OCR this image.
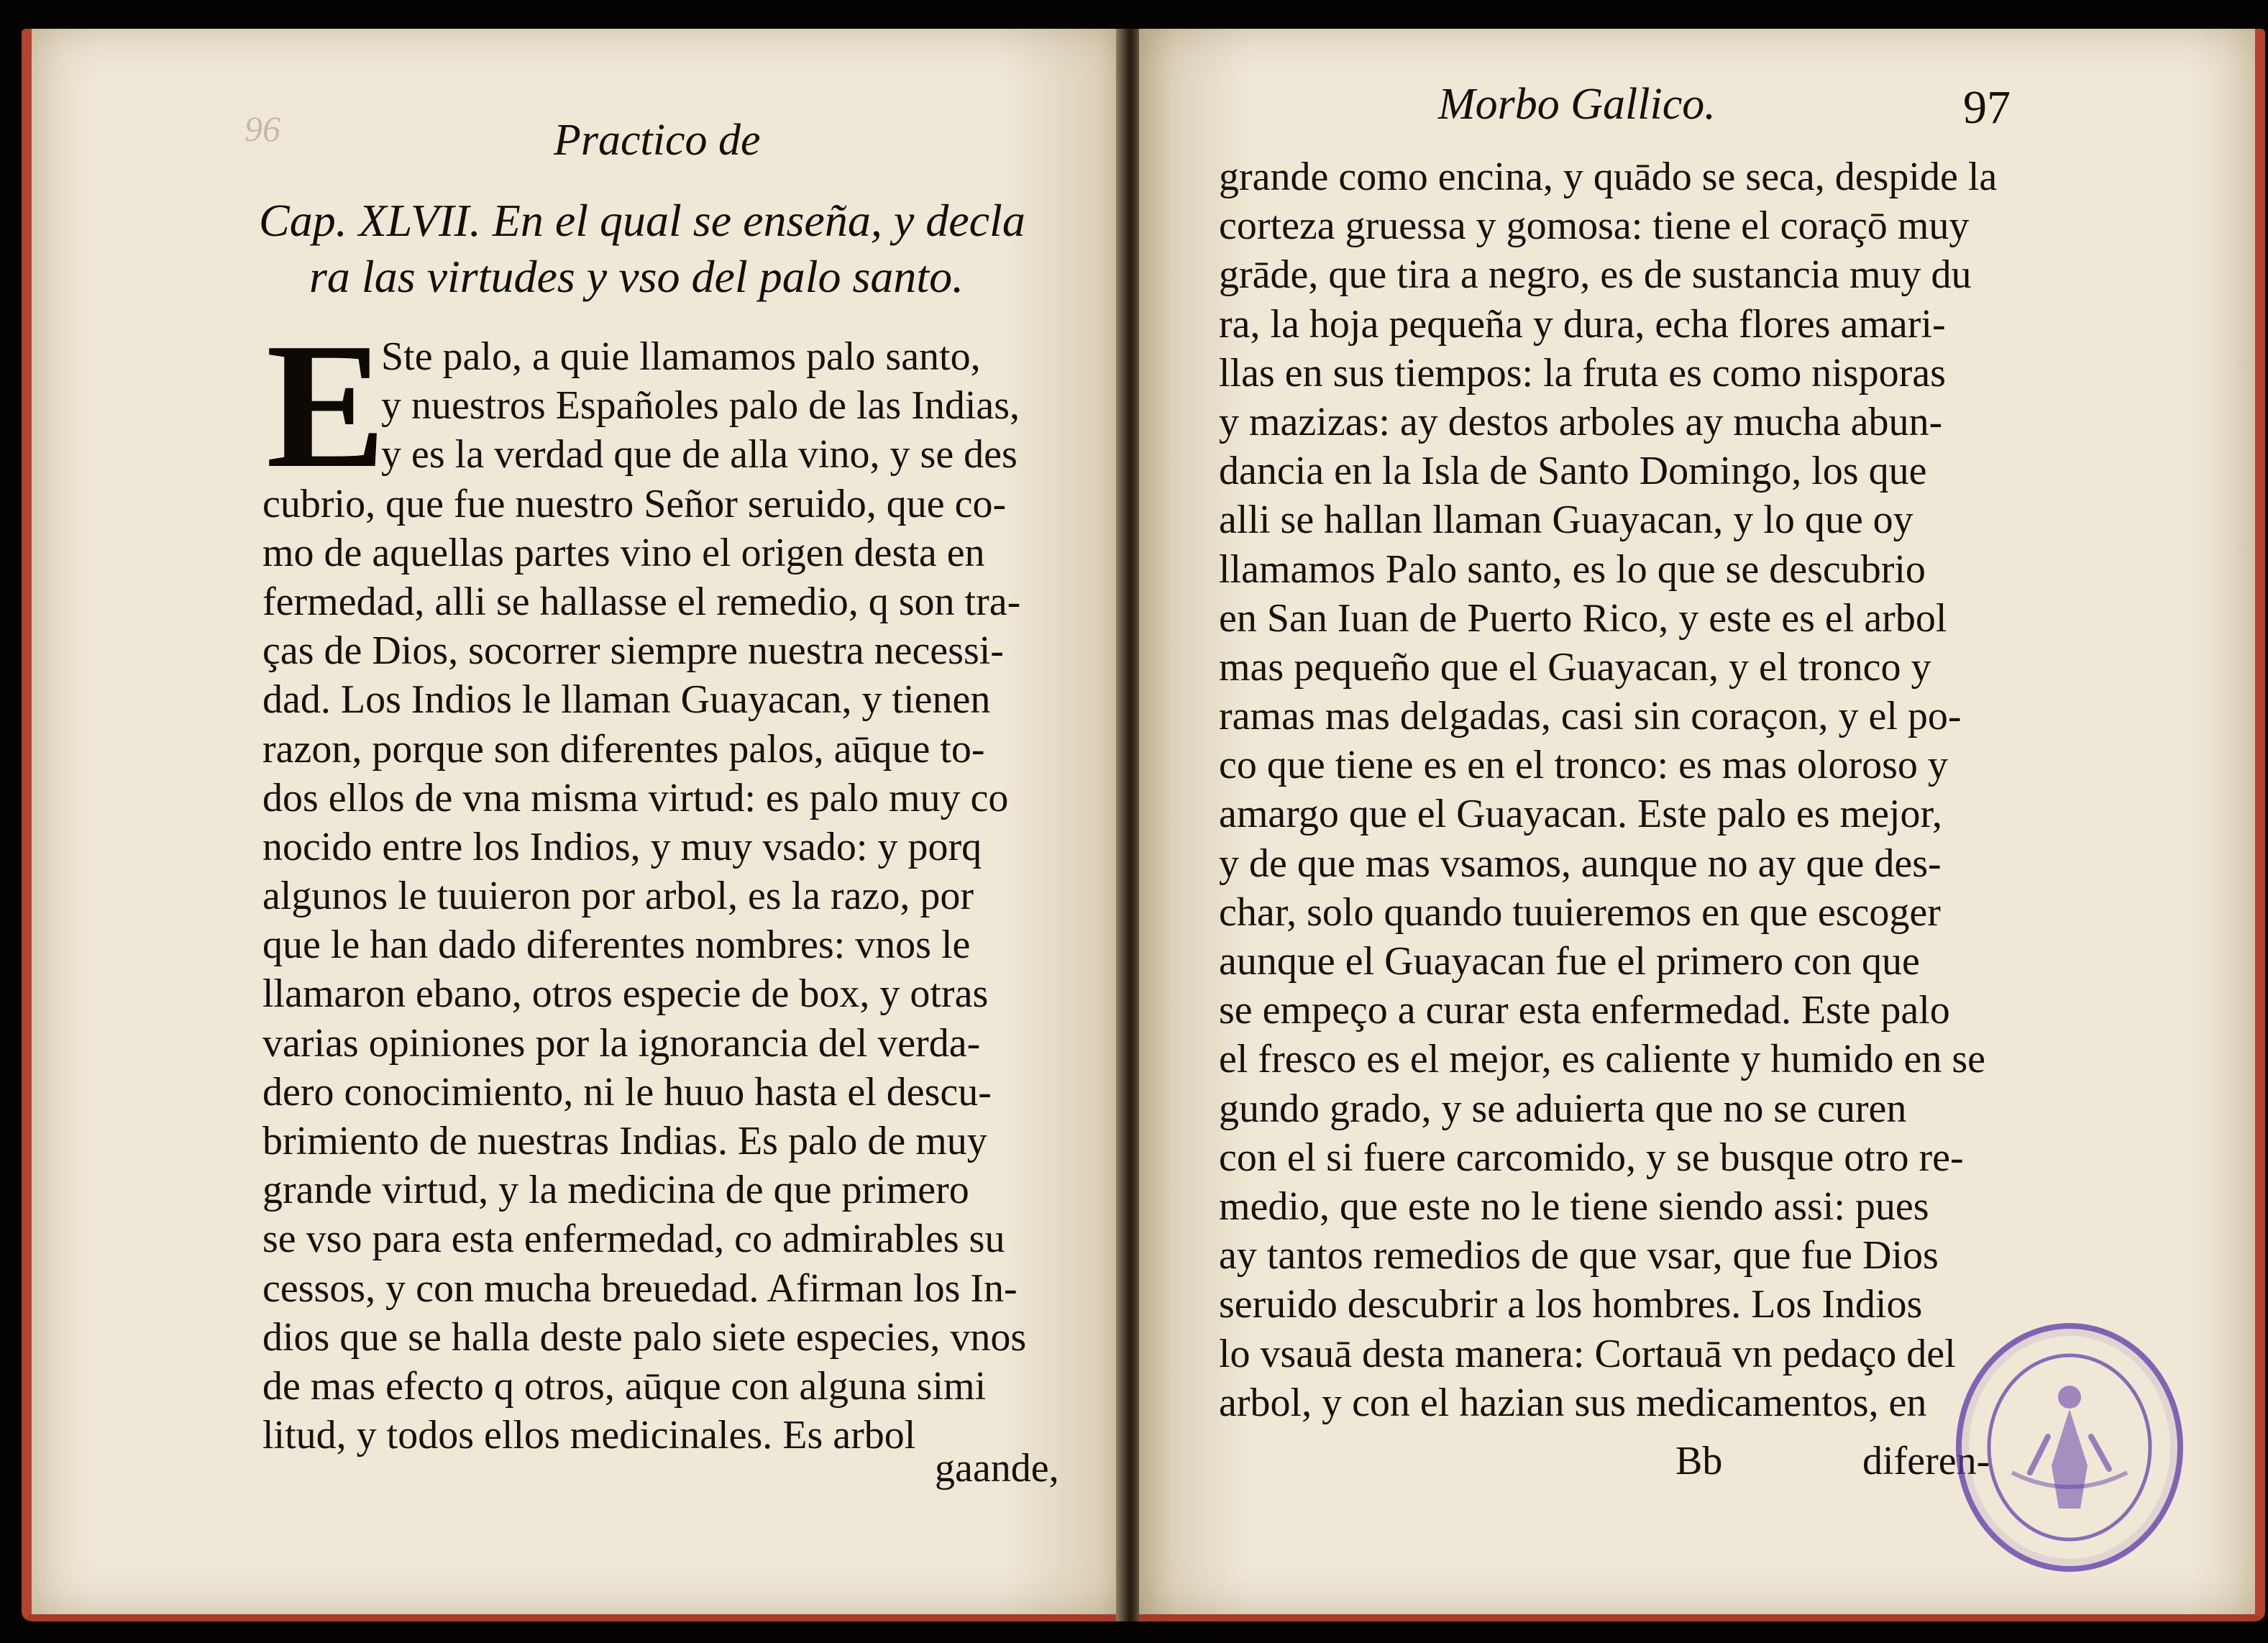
96	Practico de
Cap. XLVII. En el qual se enseña, y decla
ra las virtudes y vso del palo santo.
E
Ste palo, a quie llamamos palo santo,
y nuestros Españoles palo de las Indias,
y es la verdad que de alla vino, y se des
cubrio, que fue nuestro Señor seruido, que co-
mo de aquellas partes vino el origen desta en
fermedad, alli se hallasse el remedio, q son tra-
ças de Dios, socorrer siempre nuestra necessi-
dad. Los Indios le llaman Guayacan, y tienen
razon, porque son diferentes palos, aūque to-
dos ellos de vna misma virtud: es palo muy co
nocido entre los Indios, y muy vsado: y porq
algunos le tuuieron por arbol, es la razo, por
que le han dado diferentes nombres: vnos le
llamaron ebano, otros especie de box, y otras
varias opiniones por la ignorancia del verda-
dero conocimiento, ni le huuo hasta el descu-
brimiento de nuestras Indias. Es palo de muy
grande virtud, y la medicina de que primero
se vso para esta enfermedad, co admirables su
cessos, y con mucha breuedad. Afirman los In-
dios que se halla deste palo siete especies, vnos
de mas efecto q otros, aūque con alguna simi
litud, y todos ellos medicinales. Es arbol
gaande,
Morbo Gallico.	97
grande como encina, y quādo se seca, despide la
corteza gruessa y gomosa: tiene el coraçō muy
grāde, que tira a negro, es de sustancia muy du
ra, la hoja pequeña y dura, echa flores amari-
llas en sus tiempos: la fruta es como nisporas
y mazizas: ay destos arboles ay mucha abun-
dancia en la Isla de Santo Domingo, los que
alli se hallan llaman Guayacan, y lo que oy
llamamos Palo santo, es lo que se descubrio
en San Iuan de Puerto Rico, y este es el arbol
mas pequeño que el Guayacan, y el tronco y
ramas mas delgadas, casi sin coraçon, y el po-
co que tiene es en el tronco: es mas oloroso y
amargo que el Guayacan. Este palo es mejor,
y de que mas vsamos, aunque no ay que des-
char, solo quando tuuieremos en que escoger
aunque el Guayacan fue el primero con que
se empeço a curar esta enfermedad. Este palo
el fresco es el mejor, es caliente y humido en se
gundo grado, y se aduierta que no se curen
con el si fuere carcomido, y se busque otro re-
medio, que este no le tiene siendo assi: pues
ay tantos remedios de que vsar, que fue Dios
seruido descubrir a los hombres. Los Indios
lo vsauā desta manera: Cortauā vn pedaço del
arbol, y con el hazian sus medicamentos, en
Bb	diferen-
